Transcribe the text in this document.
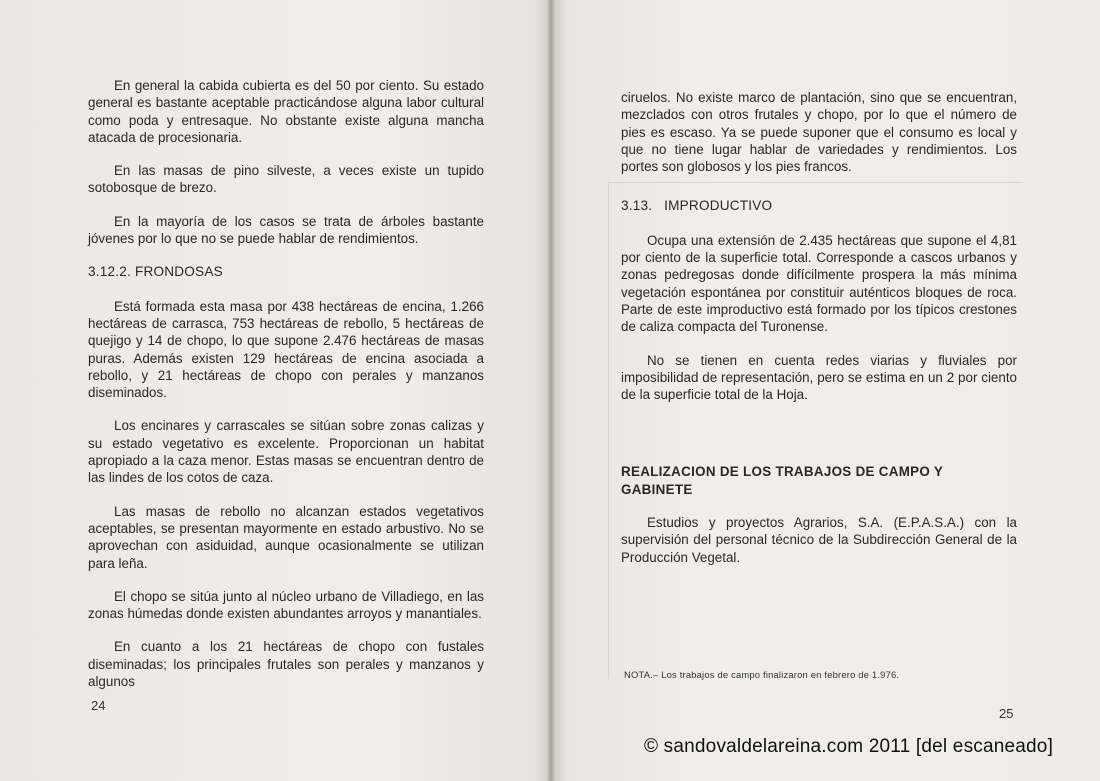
En general la cabida cubierta es del 50 por ciento. Su estado general es bastante aceptable practicándose alguna labor cultural como poda y entresaque. No obstante existe alguna mancha atacada de procesionaria.

En las masas de pino silveste, a veces existe un tupido sotobosque de brezo.

En la mayoría de los casos se trata de árboles bastante jóvenes por lo que no se puede hablar de rendimientos.

3.12.2. FRONDOSAS

Está formada esta masa por 438 hectáreas de encina, 1.266 hectáreas de carrasca, 753 hectáreas de rebollo, 5 hectáreas de quejigo y 14 de chopo, lo que supone 2.476 hectáreas de masas puras. Además existen 129 hectáreas de encina asociada a rebollo, y 21 hectáreas de chopo con perales y manzanos diseminados.

Los encinares y carrascales se sitúan sobre zonas calizas y su estado vegetativo es excelente. Proporcionan un habitat apropiado a la caza menor. Estas masas se encuentran dentro de las lindes de los cotos de caza.

Las masas de rebollo no alcanzan estados vegetativos aceptables, se presentan mayormente en estado arbustivo. No se aprovechan con asiduidad, aunque ocasionalmente se utilizan para leña.

El chopo se sitúa junto al núcleo urbano de Villadiego, en las zonas húmedas donde existen abundantes arroyos y manantiales.

En cuanto a los 21 hectáreas de chopo con fustales diseminadas; los principales frutales son perales y manzanos y algunos

24

ciruelos. No existe marco de plantación, sino que se encuentran, mezclados con otros frutales y chopo, por lo que el número de pies es escaso. Ya se puede suponer que el consumo es local y que no tiene lugar hablar de variedades y rendimientos. Los portes son globosos y los pies francos.

3.13.   IMPRODUCTIVO

Ocupa una extensión de 2.435 hectáreas que supone el 4,81 por ciento de la superficie total. Corresponde a cascos urbanos y zonas pedregosas donde difícilmente prospera la más mínima vegetación espontánea por constituir auténticos bloques de roca. Parte de este improductivo está formado por los típicos crestones de caliza compacta del Turonense.

No se tienen en cuenta redes viarias y fluviales por imposibilidad de representación, pero se estima en un 2 por ciento de la superficie total de la Hoja.

REALIZACION DE LOS TRABAJOS DE CAMPO Y GABINETE

Estudios y proyectos Agrarios, S.A. (E.P.A.S.A.) con la supervisión del personal técnico de la Subdirección General de la Producción Vegetal.

NOTA.– Los trabajos de campo finalizaron en febrero de 1.976.
25
© sandovaldelareina.com 2011 [del escaneado]
